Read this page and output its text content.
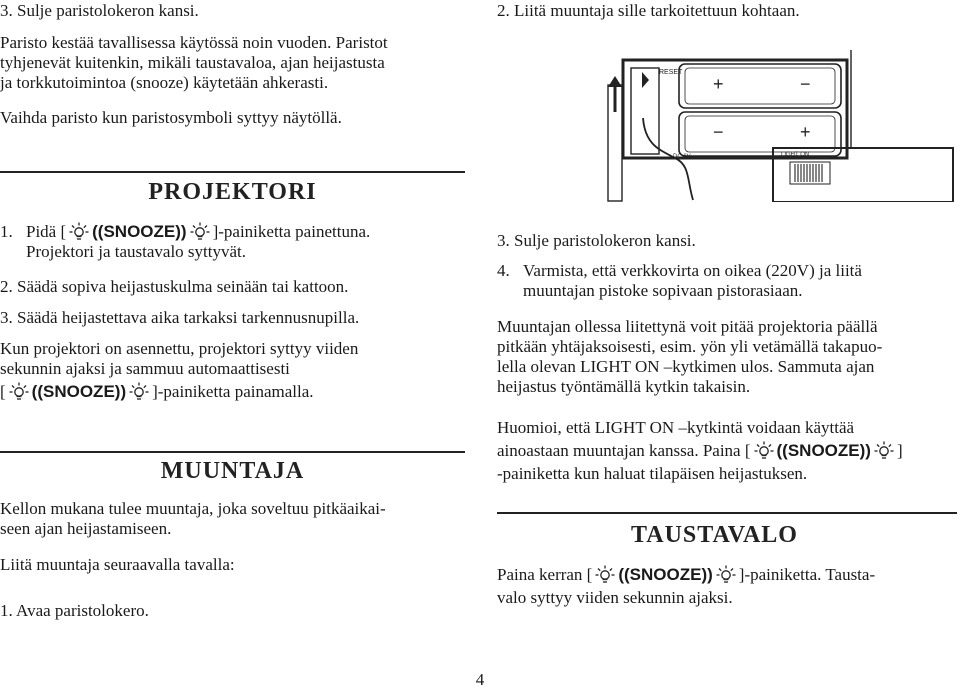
3. Sulje paristolokeron kansi.

Paristo kestää tavallisessa käytössä noin vuoden. Paristot

tyhjenevät kuitenkin, mikäli taustavaloa, ajan heijastusta

ja torkkutoimintoa (snooze) käytetään ahkerasti.

Vaihda paristo kun paristosymboli syttyy näytöllä.

PROJEKTORI

1. Pidä [ ((SNOOZE)) ]-painiketta painettuna.

Projektori ja taustavalo syttyvät.

2. Säädä sopiva heijastuskulma seinään tai kattoon.

3. Säädä heijastettava aika tarkaksi tarkennusnupilla.

Kun projektori on asennettu, projektori syttyy viiden

sekunnin ajaksi ja sammuu automaattisesti

[ ((SNOOZE)) ]-painiketta painamalla.

MUUNTAJA

Kellon mukana tulee muuntaja, joka soveltuu pitkäaikai-

seen ajan heijastamiseen.

Liitä muuntaja seuraavalla tavalla:

1. Avaa paristolokero.

2. Liitä muuntaja sille tarkoitettuun kohtaan.

RESET
+	−
−	+
DC 6V	LIGHT ON

3. Sulje paristolokeron kansi.

4. Varmista, että verkkovirta on oikea (220V) ja liitä

muuntajan pistoke sopivaan pistorasiaan.

Muuntajan ollessa liitettynä voit pitää projektoria päällä

pitkään yhtäjaksoisesti, esim. yön yli vetämällä takapuo-

lella olevan LIGHT ON –kytkimen ulos. Sammuta ajan

heijastus työntämällä kytkin takaisin.

Huomioi, että LIGHT ON –kytkintä voidaan käyttää

ainoastaan muuntajan kanssa. Paina [ ((SNOOZE)) ]

-painiketta kun haluat tilapäisen heijastuksen.

TAUSTAVALO

Paina kerran [ ((SNOOZE)) ]-painiketta. Tausta-

valo syttyy viiden sekunnin ajaksi.

4
